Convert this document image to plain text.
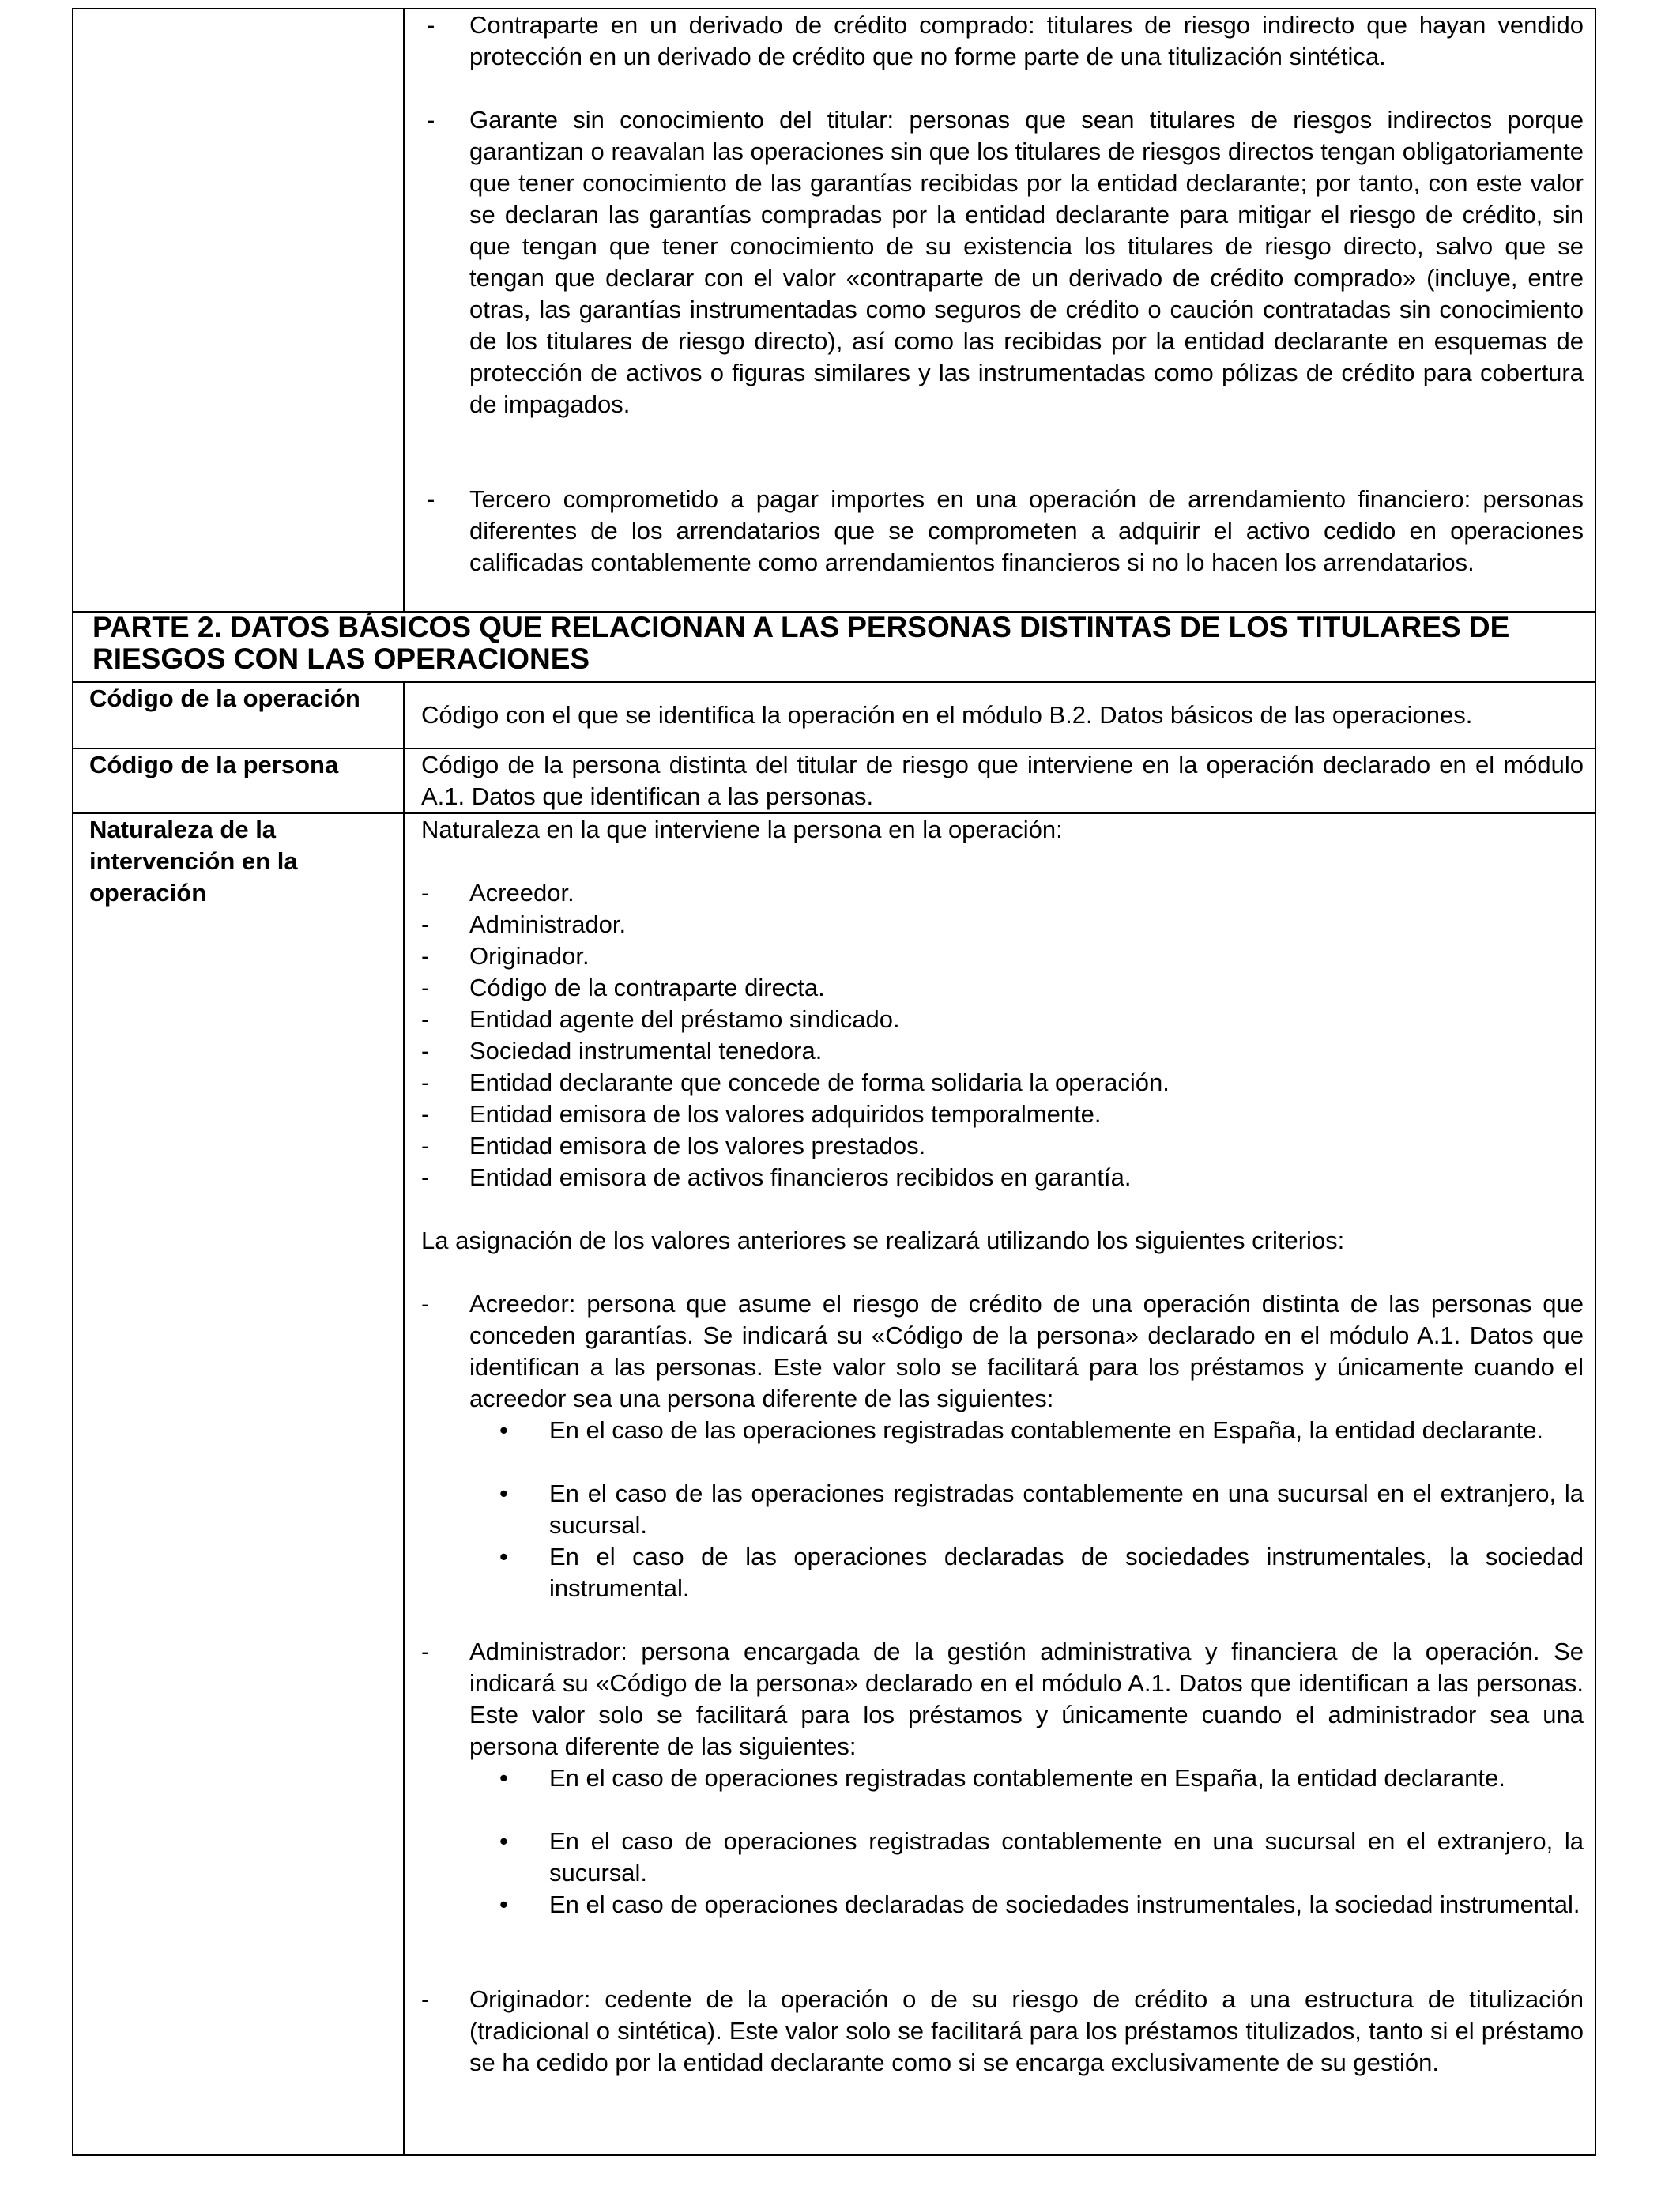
- Contraparte en un derivado de crédito comprado: titulares de riesgo indirecto que hayan vendido protección en un derivado de crédito que no forme parte de una titulización sintética.
- Garante sin conocimiento del titular: personas que sean titulares de riesgos indirectos porque garantizan o reavalan las operaciones sin que los titulares de riesgos directos tengan obligatoriamente que tener conocimiento de las garantías recibidas por la entidad declarante; por tanto, con este valor se declaran las garantías compradas por la entidad declarante para mitigar el riesgo de crédito, sin que tengan que tener conocimiento de su existencia los titulares de riesgo directo, salvo que se tengan que declarar con el valor «contraparte de un derivado de crédito comprado» (incluye, entre otras, las garantías instrumentadas como seguros de crédito o caución contratadas sin conocimiento de los titulares de riesgo directo), así como las recibidas por la entidad declarante en esquemas de protección de activos o figuras similares y las instrumentadas como pólizas de crédito para cobertura de impagados.
- Tercero comprometido a pagar importes en una operación de arrendamiento financiero: personas diferentes de los arrendatarios que se comprometen a adquirir el activo cedido en operaciones calificadas contablemente como arrendamientos financieros si no lo hacen los arrendatarios.
PARTE 2. DATOS BÁSICOS QUE RELACIONAN A LAS PERSONAS DISTINTAS DE LOS TITULARES DE RIESGOS CON LAS OPERACIONES
Código de la operación
Código con el que se identifica la operación en el módulo B.2. Datos básicos de las operaciones.
Código de la persona	Código de la persona distinta del titular de riesgo que interviene en la operación declarado en el módulo A.1. Datos que identifican a las personas.
Naturaleza de la intervención en la operación
Naturaleza en la que interviene la persona en la operación:
- Acreedor.
- Administrador.
- Originador.
- Código de la contraparte directa.
- Entidad agente del préstamo sindicado.
- Sociedad instrumental tenedora.
- Entidad declarante que concede de forma solidaria la operación.
- Entidad emisora de los valores adquiridos temporalmente.
- Entidad emisora de los valores prestados.
- Entidad emisora de activos financieros recibidos en garantía.
La asignación de los valores anteriores se realizará utilizando los siguientes criterios:
- Acreedor: persona que asume el riesgo de crédito de una operación distinta de las personas que conceden garantías. Se indicará su «Código de la persona» declarado en el módulo A.1. Datos que identifican a las personas. Este valor solo se facilitará para los préstamos y únicamente cuando el acreedor sea una persona diferente de las siguientes:
• En el caso de las operaciones registradas contablemente en España, la entidad declarante.
• En el caso de las operaciones registradas contablemente en una sucursal en el extranjero, la sucursal.
• En el caso de las operaciones declaradas de sociedades instrumentales, la sociedad instrumental.
- Administrador: persona encargada de la gestión administrativa y financiera de la operación. Se indicará su «Código de la persona» declarado en el módulo A.1. Datos que identifican a las personas. Este valor solo se facilitará para los préstamos y únicamente cuando el administrador sea una persona diferente de las siguientes:
• En el caso de operaciones registradas contablemente en España, la entidad declarante.
• En el caso de operaciones registradas contablemente en una sucursal en el extranjero, la sucursal.
• En el caso de operaciones declaradas de sociedades instrumentales, la sociedad instrumental.
- Originador: cedente de la operación o de su riesgo de crédito a una estructura de titulización (tradicional o sintética). Este valor solo se facilitará para los préstamos titulizados, tanto si el préstamo se ha cedido por la entidad declarante como si se encarga exclusivamente de su gestión.
